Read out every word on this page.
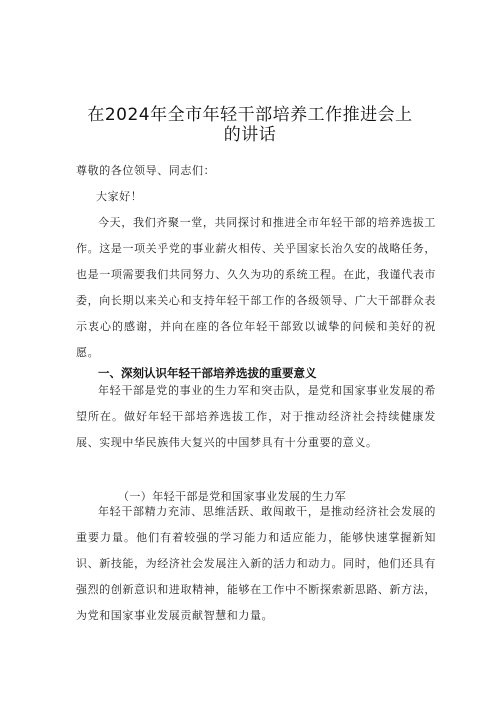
在2024年全市年轻干部培养工作推进会上
的讲话
尊敬的各位领导、同志们：
大家好！
今天，我们齐聚一堂，共同探讨和推进全市年轻干部的培养选拔工作。这是一项关乎党的事业薪火相传、关乎国家长治久安的战略任务，也是一项需要我们共同努力、久久为功的系统工程。在此，我谨代表市委，向长期以来关心和支持年轻干部工作的各级领导、广大干部群众表示衷心的感谢，并向在座的各位年轻干部致以诚挚的问候和美好的祝愿。
一、深刻认识年轻干部培养选拔的重要意义
年轻干部是党的事业的生力军和突击队，是党和国家事业发展的希望所在。做好年轻干部培养选拔工作，对于推动经济社会持续健康发展、实现中华民族伟大复兴的中国梦具有十分重要的意义。
（一）年轻干部是党和国家事业发展的生力军
年轻干部精力充沛、思维活跃、敢闯敢干，是推动经济社会发展的重要力量。他们有着较强的学习能力和适应能力，能够快速掌握新知识、新技能，为经济社会发展注入新的活力和动力。同时，他们还具有强烈的创新意识和进取精神，能够在工作中不断探索新思路、新方法，为党和国家事业发展贡献智慧和力量。
